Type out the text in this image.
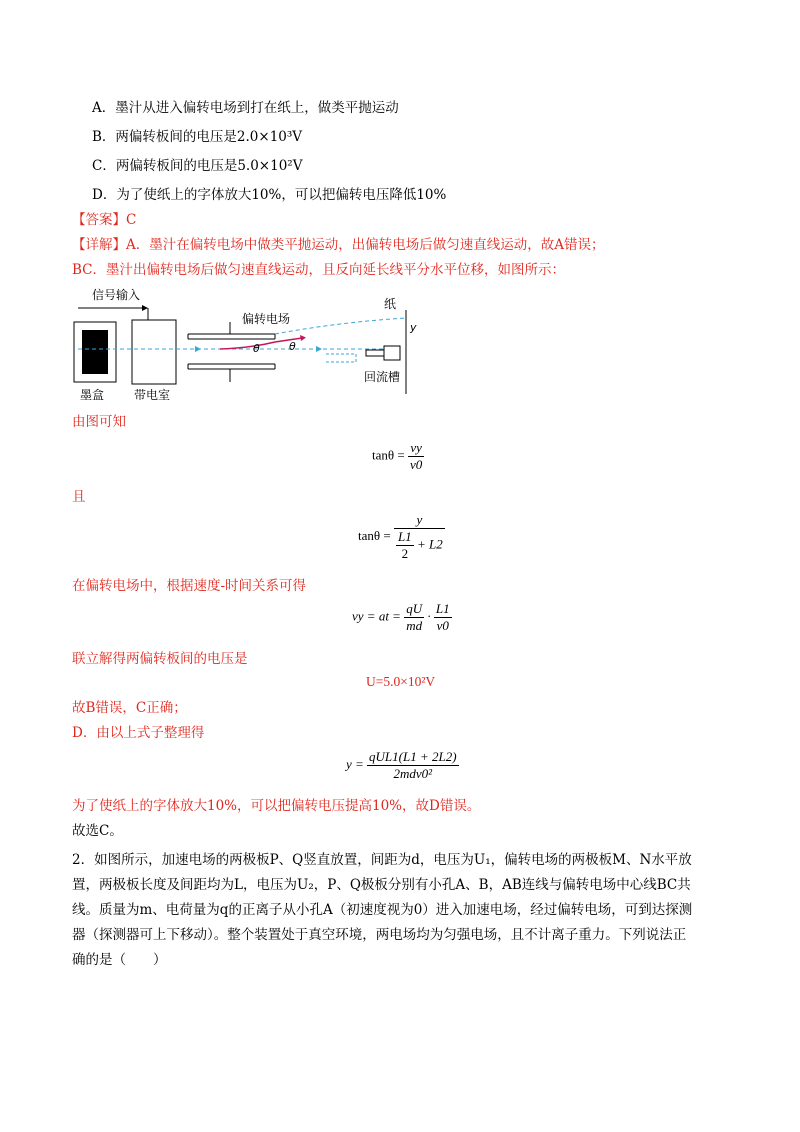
A．墨汁从进入偏转电场到打在纸上，做类平抛运动
B．两偏转板间的电压是2.0×10³V
C．两偏转板间的电压是5.0×10²V
D．为了使纸上的字体放大10%，可以把偏转电压降低10%
【答案】C
【详解】A．墨汁在偏转电场中做类平抛运动，出偏转电场后做匀速直线运动，故A错误；
BC．墨汁出偏转电场后做匀速直线运动，且反向延长线平分水平位移，如图所示：
信号输入
偏转电场
θ	θ
回流槽
纸
y
墨盒 带电室
由图可知
$\tan\theta = \frac{vy}{v0}$
且
$\tan\theta = \frac{y}{\frac{L1}{2} + L2}$
在偏转电场中，根据速度-时间关系可得
vy = at = $\frac{qU}{md} \cdot \frac{L1}{v0}$
联立解得两偏转板间的电压是
U=5.0×10²V
故B错误，C正确；
D．由以上式子整理得
$y = \frac{\text{qUL1(L1 + 2L2)}}{\text{2mdv0²}}$
为了使纸上的字体放大10%，可以把偏转电压提高10%，故D错误。
故选C。
2．如图所示，加速电场的两极板P、Q竖直放置，间距为d，电压为U₁，偏转电场的两极板M、N水平放
置，两极板长度及间距均为L，电压为U₂，P、Q极板分别有小孔A、B，AB连线与偏转电场中心线BC共
线。质量为m、电荷量为q的正离子从小孔A（初速度视为0）进入加速电场，经过偏转电场，可到达探测
器（探测器可上下移动）。整个装置处于真空环境，两电场均为匀强电场，且不计离子重力。下列说法正
确的是（　　）
